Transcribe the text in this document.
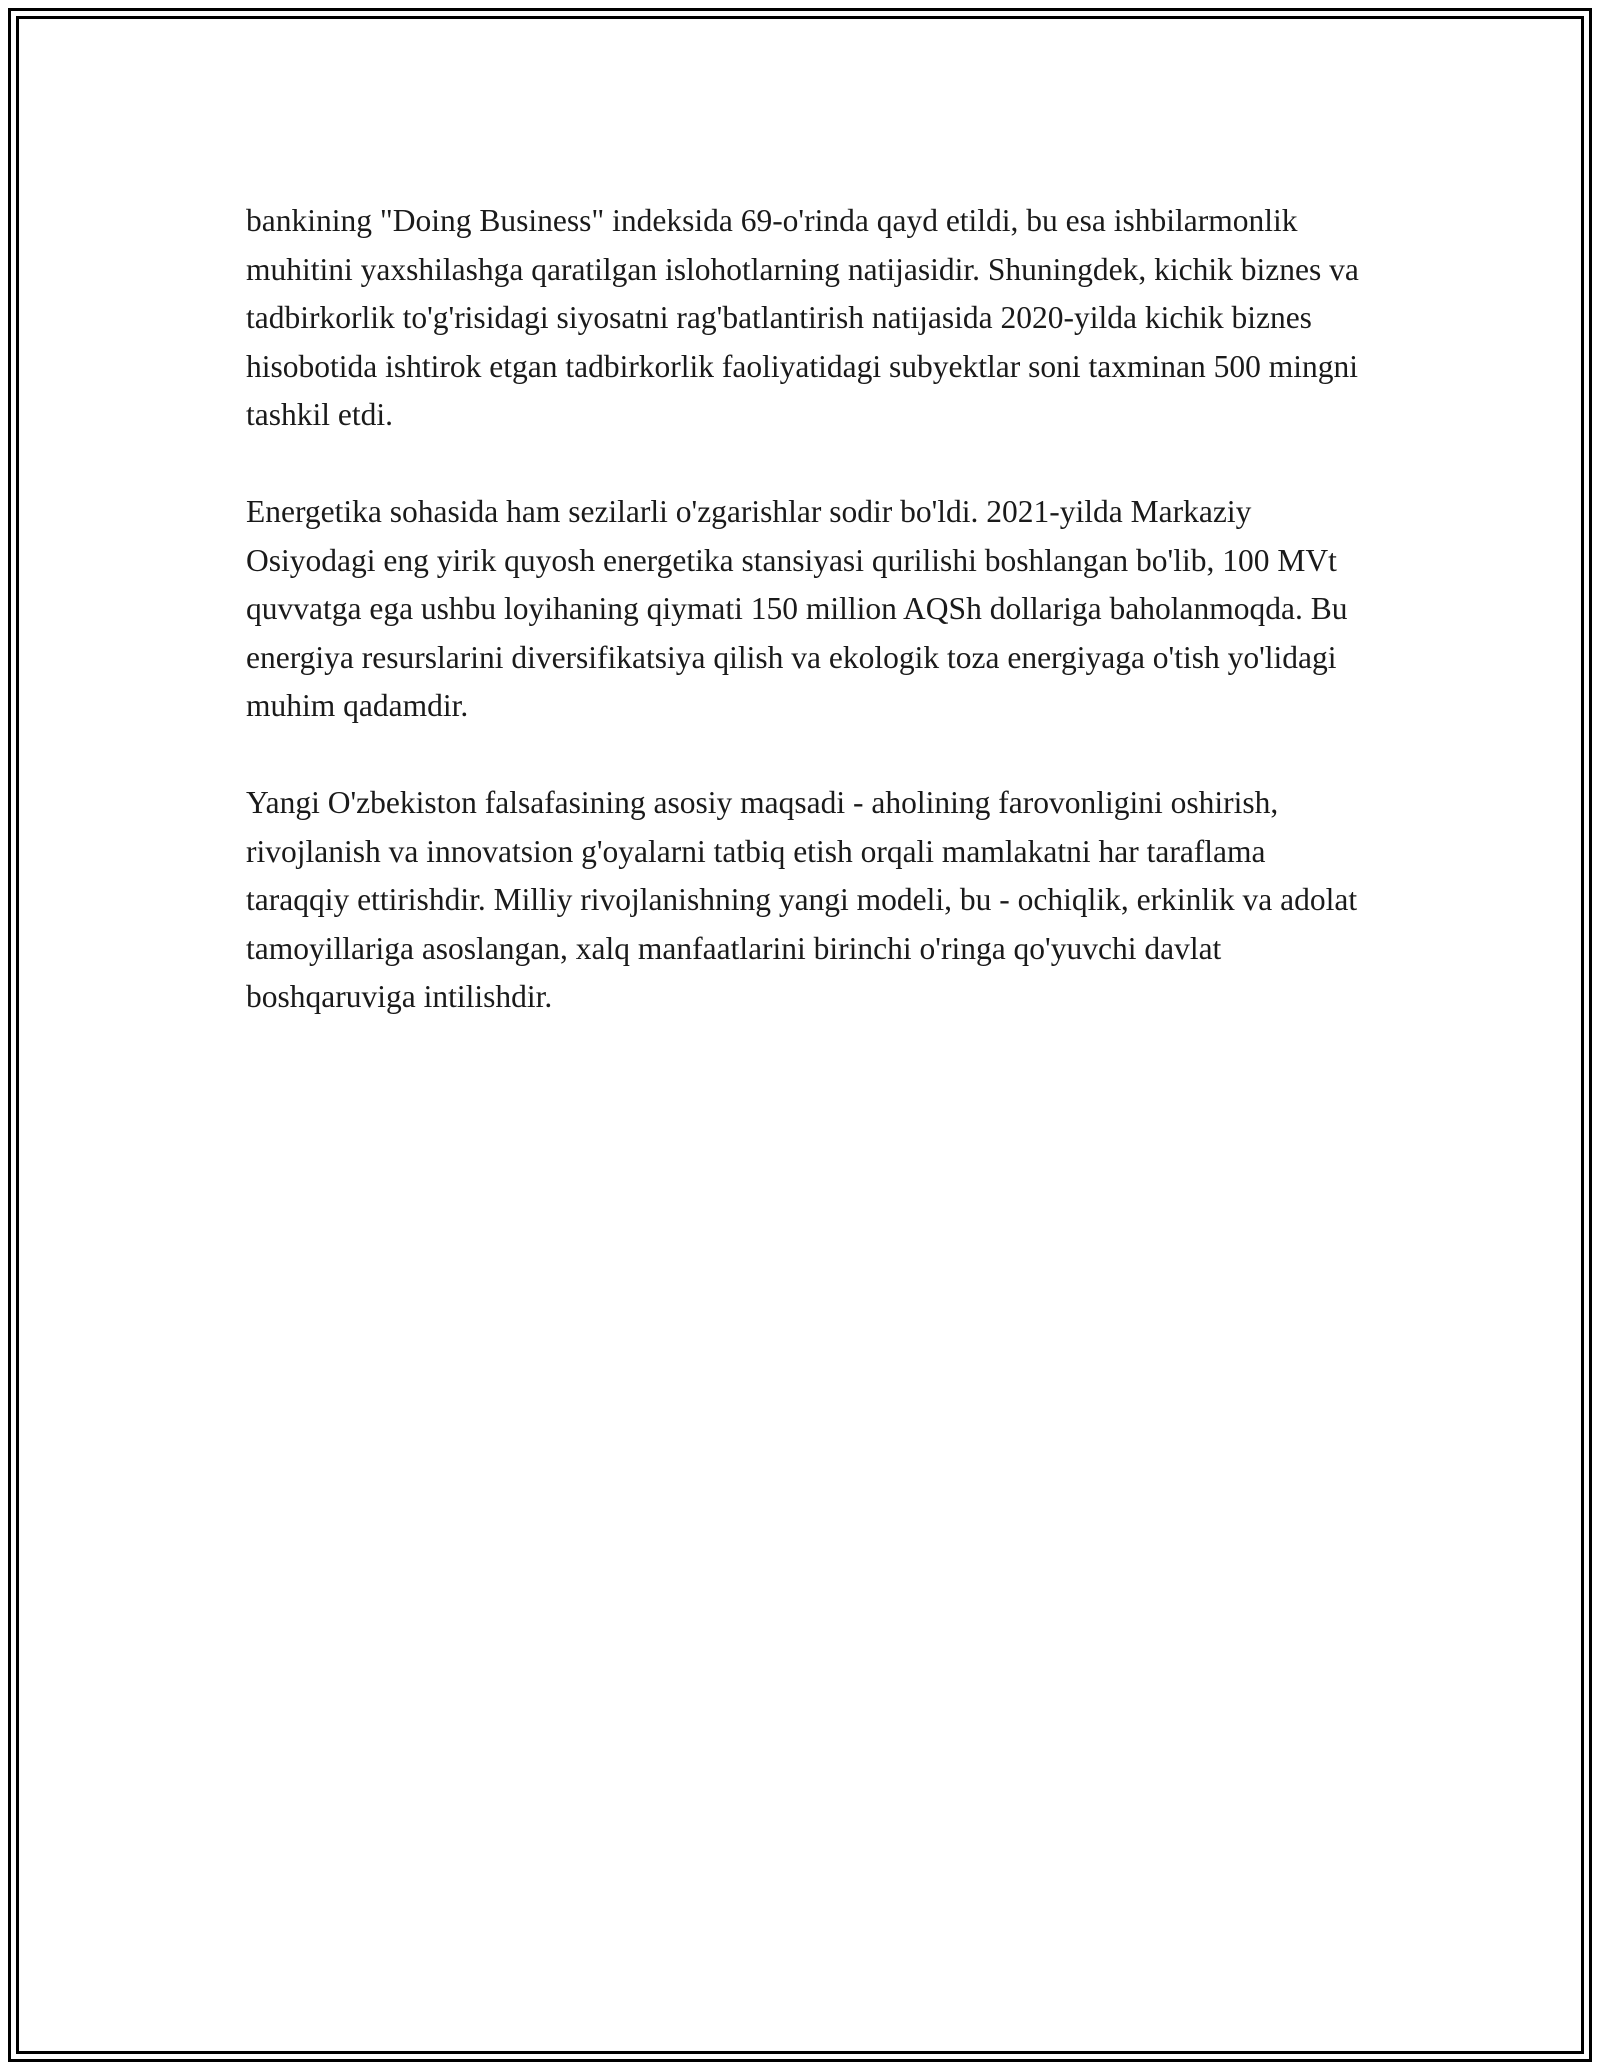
bankining "Doing Business" indeksida 69-o'rinda qayd etildi, bu esa ishbilarmonlik muhitini yaxshilashga qaratilgan islohotlarning natijasidir. Shuningdek, kichik biznes va tadbirkorlik to'g'risidagi siyosatni rag'batlantirish natijasida 2020-yilda kichik biznes hisobotida ishtirok etgan tadbirkorlik faoliyatidagi subyektlar soni taxminan 500 mingni tashkil etdi.

Energetika sohasida ham sezilarli o'zgarishlar sodir bo'ldi. 2021-yilda Markaziy Osiyodagi eng yirik quyosh energetika stansiyasi qurilishi boshlangan bo'lib, 100 MVt quvvatga ega ushbu loyihaning qiymati 150 million AQSh dollariga baholanmoqda. Bu energiya resurslarini diversifikatsiya qilish va ekologik toza energiyaga o'tish yo'lidagi muhim qadamdir.

Yangi O'zbekiston falsafasining asosiy maqsadi - aholining farovonligini oshirish, rivojlanish va innovatsion g'oyalarni tatbiq etish orqali mamlakatni har taraflama taraqqiy ettirishdir. Milliy rivojlanishning yangi modeli, bu - ochiqlik, erkinlik va adolat tamoyillariga asoslangan, xalq manfaatlarini birinchi o'ringa qo'yuvchi davlat boshqaruviga intilishdir.
